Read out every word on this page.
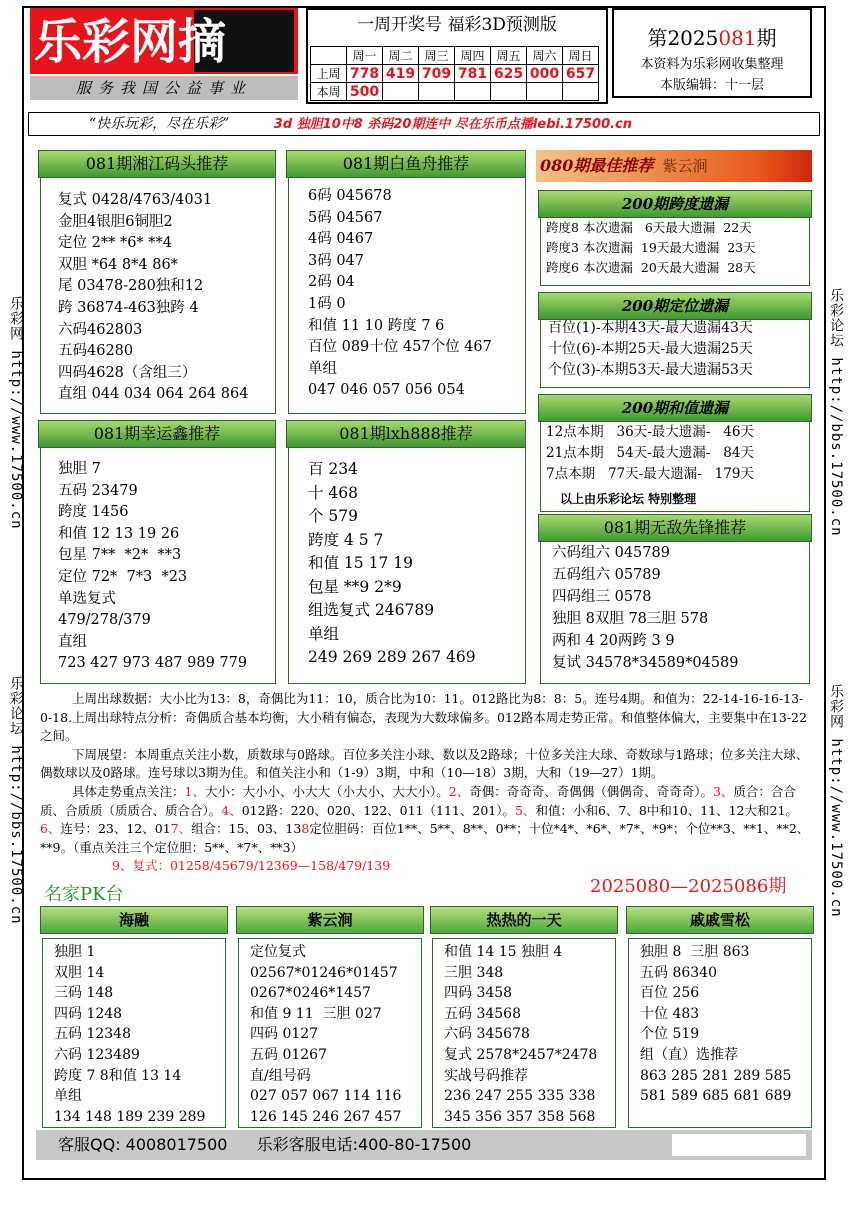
乐彩网摘
服务我国公益事业
一周开奖号 福彩3D预测版
	周一	周二	周三	周四	周五	周六	周日
上周	778	419	709	781	625	000	657
本周	500						
第2025081期
本资料为乐彩网收集整理
本版编辑：十一层
“快乐玩彩，尽在乐彩”	3d 独胆10中8 杀码20期连中 尽在乐币点播lebi.17500.cn
乐彩网 http://www.17500.cn
乐彩论坛 http://bbs.17500.cn
乐彩论坛 http://bbs.17500.cn
乐彩网 http://www.17500.cn
081期湘江码头推荐
复式 0428/4763/4031
金胆4银胆6铜胆2
定位 2** *6* **4
双胆 *64 8*4 86*
尾 03478-280独和12
跨 36874-463独跨 4
六码462803
五码46280
四码4628（含组三）
直组 044 034 064 264 864
081期幸运鑫推荐
独胆 7
五码 23479
跨度 1456
和值 12 13 19 26
包星 7**  *2*  **3
定位 72*  7*3  *23
单选复式
479/278/379
直组
723 427 973 487 989 779
081期白鱼舟推荐
6码 045678
5码 04567
4码 0467
3码 047
2码 04
1码 0
和值 11 10 跨度 7 6
百位 089十位 457个位 467
单组
047 046 057 056 054
081期lxh888推荐
百 234
十 468
个 579
跨度 4 5 7
和值 15 17 19
包星 **9 2*9
组选复式 246789
单组
249 269 289 267 469
080期最佳推荐 紫云涧
200期跨度遗漏
跨度8 本次遗漏   6天最大遗漏  22天
跨度3 本次遗漏  19天最大遗漏  23天
跨度6 本次遗漏  20天最大遗漏  28天
200期定位遗漏
百位(1)-本期43天-最大遗漏43天
十位(6)-本期25天-最大遗漏25天
个位(3)-本期53天-最大遗漏53天
200期和值遗漏
12点本期   36天-最大遗漏-   46天
21点本期   54天-最大遗漏-   84天
7点本期   77天-最大遗漏-   179天
以上由乐彩论坛 特别整理
081期无敌先锋推荐
六码组六 045789
五码组六 05789
四码组三 0578
独胆 8双胆 78三胆 578
两和 4 20两跨 3 9
复试 34578*34589*04589

上周出球数据：大小比为13：8，奇偶比为11：10，质合比为10：11。012路比为8：8：5。连号4期。和值为：22-14-16-16-13-0-18.上周出球特点分析：奇偶质合基本均衡，大小稍有偏态，表现为大数球偏多。012路本周走势正常。和值整体偏大，主要集中在13-22之间。

下周展望：本周重点关注小数，质数球与0路球。百位多关注小球、数以及2路球；十位多关注大球、奇数球与1路球；位多关注大球、偶数球以及0路球。连号球以3期为佳。和值关注小和（1-9）3期，中和（10—18）3期，大和（19—27）1期。

具体走势重点关注：1、大小：大小小、小大大（小大小、大大小）。2、奇偶：奇奇奇、奇偶偶（偶偶奇、奇奇奇）。3、质合：合合质、合质质（质质合、质合合）。4、012路：220、020、122、011（111、201）。5、和值：小和6、7、8中和10、11、12大和21。6、连号：23、12、017、组合：15、03、138定位胆码：百位1**、5**、8**、0**；十位*4*、*6*、*7*、*9*；个位**3、**1、**2、**9。（重点关注三个定位胆：5**、*7*、**3）

9、复式：01258/45679/12369—158/479/139

名家PK台	2025080—2025086期
海融
独胆 1
双胆 14
三码 148
四码 1248
五码 12348
六码 123489
跨度 7 8和值 13 14
单组
134 148 189 239 289
紫云涧
定位复式
02567*01246*01457
0267*0246*1457
和值 9 11  三胆 027
四码 0127
五码 01267
直/组号码
027 057 067 114 116
126 145 246 267 457
热热的一天
和值 14 15 独胆 4
三胆 348
四码 3458
五码 34568
六码 345678
复式 2578*2457*2478
实战号码推荐
236 247 255 335 338
345 356 357 358 568
戚戚雪松
独胆 8  三胆 863
五码 86340
百位 256
十位 483
个位 519
组（直）选推荐
863 285 281 289 585
581 589 685 681 689
客服QQ: 4008017500 乐彩客服电话:400-80-17500
